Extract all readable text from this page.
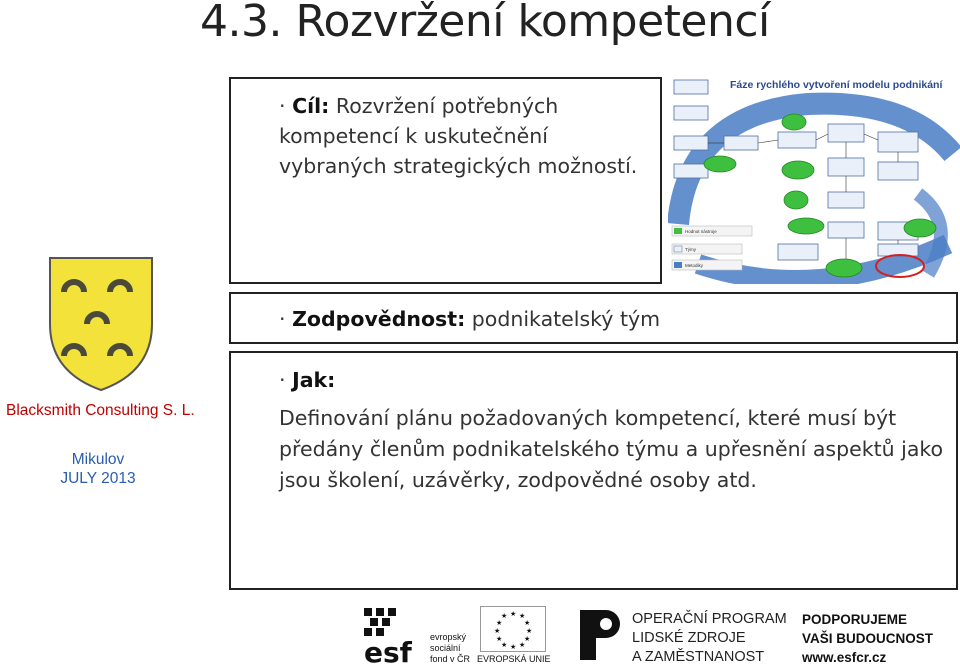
4.3. Rozvržení kompetencí
· Cíl: Rozvržení potřebných kompetencí k uskutečnění vybraných strategických možností.
Hodnot nástroje
Týmy
Metodiky
Fáze rychlého vytvoření modelu podnikání
· Zodpovědnost: podnikatelský tým
· Jak:
Definování plánu požadovaných kompetencí, které musí být předány členům podnikatelského týmu a upřesnění aspektů jako jsou školení, uzávěrky, zodpovědné osoby atd.
Blacksmith Consulting S. L.
Mikulov
JULY 2013
esf evropský
sociální
fond v ČR
★ ★
★
★
★
★
★
★
★
★
★
★
EVROPSKÁ UNIE
OPERAČNÍ PROGRAM
LIDSKÉ ZDROJE
A ZAMĚSTNANOST
PODPORUJEME
VAŠI BUDOUCNOST
www.esfcr.cz
